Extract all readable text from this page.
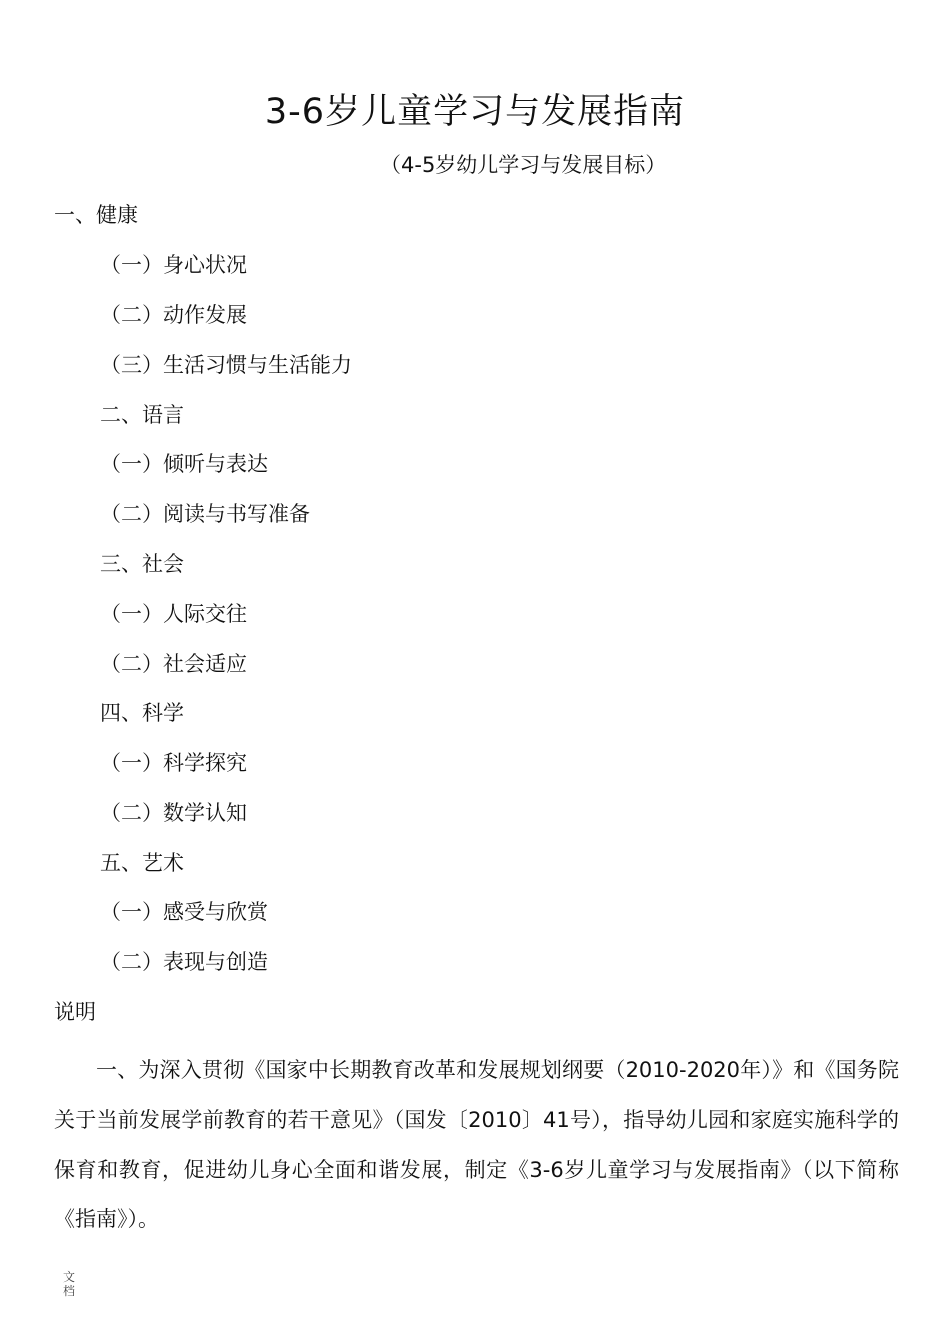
3-6岁儿童学习与发展指南
（4-5岁幼儿学习与发展目标）
一、健康
（一）身心状况
（二）动作发展
（三）生活习惯与生活能力
二、语言
（一）倾听与表达
（二）阅读与书写准备
三、社会
（一）人际交往
（二）社会适应
四、科学
（一）科学探究
（二）数学认知
五、艺术
（一）感受与欣赏
（二）表现与创造
说明
一、为深入贯彻《国家中长期教育改革和发展规划纲要（2010-2020年）》和《国务院关于当前发展学前教育的若干意见》（国发〔2010〕41号），指导幼儿园和家庭实施科学的保育和教育，促进幼儿身心全面和谐发展，制定《3-6岁儿童学习与发展指南》（以下简称《指南》）。
文档
